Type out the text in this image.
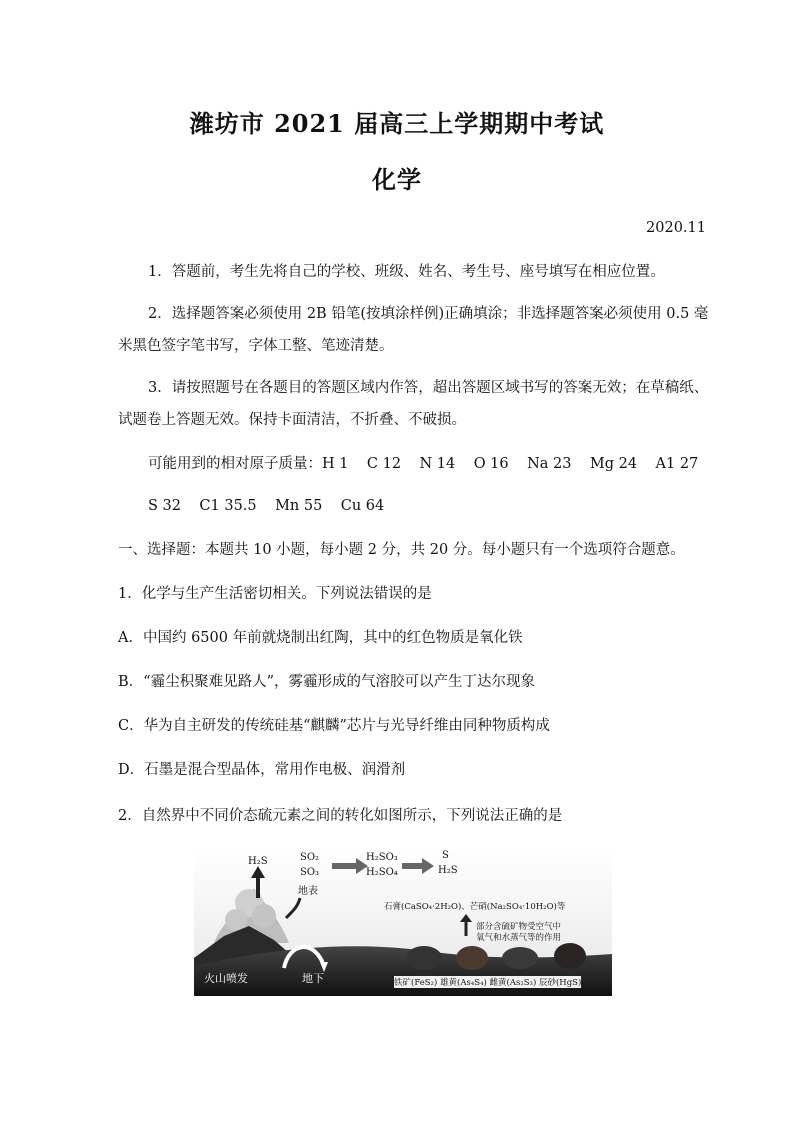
潍坊市 2021 届高三上学期期中考试
化学
2020.11
1．答题前，考生先将自己的学校、班级、姓名、考生号、座号填写在相应位置。
2．选择题答案必须使用 2B 铅笔(按填涂样例)正确填涂；非选择题答案必须使用 0.5 毫
米黑色签字笔书写，字体工整、笔迹清楚。
3．请按照题号在各题目的答题区域内作答，超出答题区域书写的答案无效；在草稿纸、
试题卷上答题无效。保持卡面清洁，不折叠、不破损。
可能用到的相对原子质量：H 1    C 12    N 14    O 16    Na 23    Mg 24    A1 27
S 32    C1 35.5    Mn 55    Cu 64
一、选择题：本题共 10 小题，每小题 2 分，共 20 分。每小题只有一个选项符合题意。
1．化学与生产生活密切相关。下列说法错误的是
A．中国约 6500 年前就烧制出红陶，其中的红色物质是氧化铁
B．“霾尘积聚难见路人”，雾霾形成的气溶胶可以产生丁达尔现象
C．华为自主研发的传统硅基“麒麟”芯片与光导纤维由同种物质构成
D．石墨是混合型晶体，常用作电极、润滑剂
2．自然界中不同价态硫元素之间的转化如图所示，下列说法正确的是
H₂S	SO₂
SO₃
地表
H₂SO₃
H₂SO₄
S
H₂S
石膏(CaSO₄·2H₂O)、芒硝(Na₂SO₄·10H₂O)等
部分含硫矿物受空气中
氧气和水蒸气等的作用
火山喷发	地下	铁矿(FeS₂) 雄黄(As₄S₄) 雌黄(As₂S₃) 辰砂(HgS)
